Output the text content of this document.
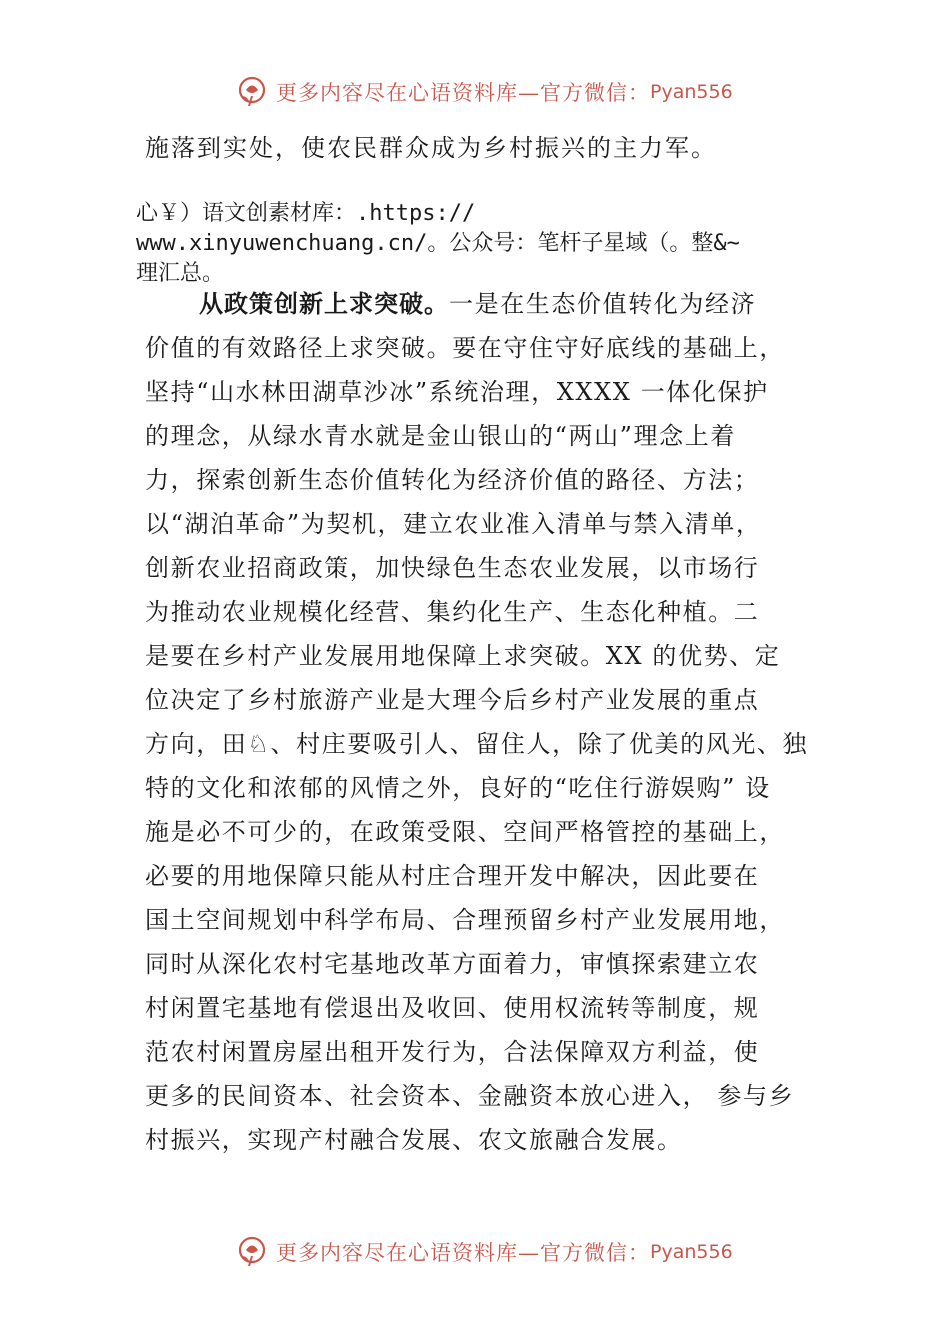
更多内容尽在心语资料库—官方微信： Pyan556
施落到实处，使农民群众成为乡村振兴的主力军。
心￥）语文创素材库：.https://
www.xinyuwenchuang.cn/。公众号：笔杆子星域（。整&~
理汇总。
从政策创新上求突破。一是在生态价值转化为经济
价值的有效路径上求突破。要在守住守好底线的基础上，
坚持“山水林田湖草沙冰”系统治理，XXXX 一体化保护
的理念，从绿水青水就是金山银山的“两山”理念上着
力，探索创新生态价值转化为经济价值的路径、方法；
以“湖泊革命”为契机，建立农业准入清单与禁入清单，
创新农业招商政策，加快绿色生态农业发展，以市场行
为推动农业规模化经营、集约化生产、生态化种植。二
是要在乡村产业发展用地保障上求突破。XX 的优势、定
位决定了乡村旅游产业是大理今后乡村产业发展的重点
方向，田♘、村庄要吸引人、留住人，除了优美的风光、独
特的文化和浓郁的风情之外，良好的“吃住行游娱购” 设
施是必不可少的，在政策受限、空间严格管控的基础上，
必要的用地保障只能从村庄合理开发中解决，因此要在
国土空间规划中科学布局、合理预留乡村产业发展用地，
同时从深化农村宅基地改革方面着力，审慎探索建立农
村闲置宅基地有偿退出及收回、使用权流转等制度，规
范农村闲置房屋出租开发行为，合法保障双方利益，使
更多的民间资本、社会资本、金融资本放心进入， 参与乡
村振兴，实现产村融合发展、农文旅融合发展。
更多内容尽在心语资料库—官方微信： Pyan556
